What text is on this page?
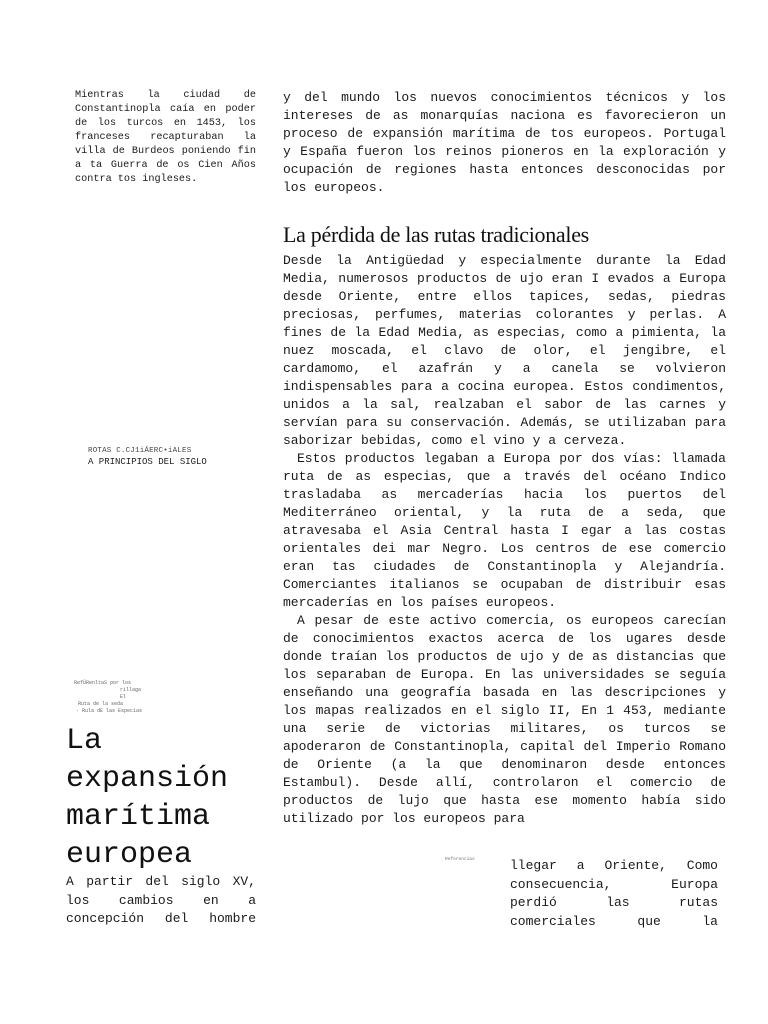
Mientras la ciudad de Constantinopla caía en poder de los turcos en 1453, los franceses recapturaban la villa de Burdeos poniendo fin a ta Guerra de os Cien Años contra tos ingleses.
ROTAS C.CJ1iÁERC•iALES
A PRINCIPIOS DEL SIGLO
RefÜRenltaS por los
rillaga
El
Ruta de la seda
- Rula dE las Especias
La expansión marítima europea
A partir del siglo XV, los cambios en a concepción del hombre
y del mundo los nuevos conocimientos técnicos y los intereses de as monarquías naciona es favorecieron un proceso de expansión marítima de tos europeos. Portugal y España fueron los reinos pioneros en la exploración y ocupación de regiones hasta entonces desconocidas por los europeos.
La pérdida de las rutas tradicionales

Desde la Antigüedad y especialmente durante la Edad Media, numerosos productos de ujo eran I evados a Europa desde Oriente, entre ellos tapices, sedas, piedras preciosas, perfumes, materias colorantes y perlas. A fines de la Edad Media, as especias, como a pimienta, la nuez moscada, el clavo de olor, el jengibre, el cardamomo, el azafrán y a canela se volvieron indispensables para a cocina europea. Estos condimentos, unidos a la sal, realzaban el sabor de las carnes y servían para su conservación. Además, se utilizaban para saborizar bebidas, como el vino y a cerveza.

Estos productos legaban a Europa por dos vías: llamada ruta de as especias, que a través del océano Indico trasladaba as mercaderías hacia los puertos del Mediterráneo oriental, y la ruta de a seda, que atravesaba el Asia Central hasta I egar a las costas orientales dei mar Negro. Los centros de ese comercio eran tas ciudades de Constantinopla y Alejandría. Comerciantes italianos se ocupaban de distribuir esas mercaderías en los países europeos.

A pesar de este activo comercia, os europeos carecían de conocimientos exactos acerca de los ugares desde donde traían los productos de ujo y de as distancias que los separaban de Europa. En las universidades se seguía enseñando una geografía basada en las descripciones y los mapas realizados en el siglo II, En 1 453, mediante una serie de victorias militares, os turcos se apoderaron de Constantinopla, capital del Imperio Romano de Oriente (a la que denominaron desde entonces Estambul). Desde allí, controlaron el comercio de productos de lujo que hasta ese momento había sido utilizado por los europeos para

Referencias	llegar a Oriente, Como consecuencia, Europa perdió las rutas comerciales que la
